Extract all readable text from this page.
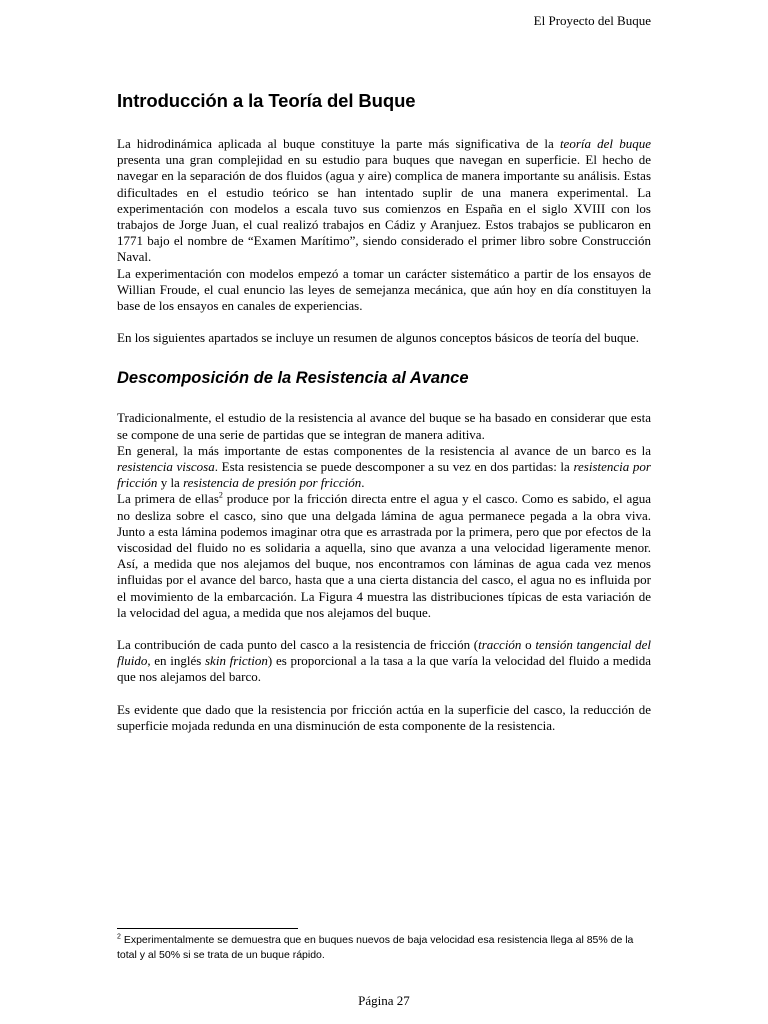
El Proyecto del Buque
Introducción a la Teoría del Buque

La hidrodinámica aplicada al buque constituye la parte más significativa de la teoría del buque presenta una gran complejidad en su estudio para buques que navegan en superficie. El hecho de navegar en la separación de dos fluidos (agua y aire) complica de manera importante su análisis. Estas dificultades en el estudio teórico se han intentado suplir de una manera experimental. La experimentación con modelos a escala tuvo sus comienzos en España en el siglo XVIII con los trabajos de Jorge Juan, el cual realizó trabajos en Cádiz y Aranjuez. Estos trabajos se publicaron en 1771 bajo el nombre de “Examen Marítimo”, siendo considerado el primer libro sobre Construcción Naval.

La experimentación con modelos empezó a tomar un carácter sistemático a partir de los ensayos de Willian Froude, el cual enuncio las leyes de semejanza mecánica, que aún hoy en día constituyen la base de los ensayos en canales de experiencias.

En los siguientes apartados se incluye un resumen de algunos conceptos básicos de teoría del buque.

Descomposición de la Resistencia al Avance

Tradicionalmente, el estudio de la resistencia al avance del buque se ha basado en considerar que esta se compone de una serie de partidas que se integran de manera aditiva.

En general, la más importante de estas componentes de la resistencia al avance de un barco es la resistencia viscosa. Esta resistencia se puede descomponer a su vez en dos partidas: la resistencia por fricción y la resistencia de presión por fricción.

La primera de ellas$^2$ produce por la fricción directa entre el agua y el casco. Como es sabido, el agua no desliza sobre el casco, sino que una delgada lámina de agua permanece pegada a la obra viva. Junto a esta lámina podemos imaginar otra que es arrastrada por la primera, pero que por efectos de la viscosidad del fluido no es solidaria a aquella, sino que avanza a una velocidad ligeramente menor. Así, a medida que nos alejamos del buque, nos encontramos con láminas de agua cada vez menos influidas por el avance del barco, hasta que a una cierta distancia del casco, el agua no es influida por el movimiento de la embarcación. La Figura 4 muestra las distribuciones típicas de esta variación de la velocidad del agua, a medida que nos alejamos del buque.

La contribución de cada punto del casco a la resistencia de fricción (tracción o tensión tangencial del fluido, en inglés skin friction) es proporcional a la tasa a la que varía la velocidad del fluido a medida que nos alejamos del barco.

Es evidente que dado que la resistencia por fricción actúa en la superficie del casco, la reducción de superficie mojada redunda en una disminución de esta componente de la resistencia.

$^2$ Experimentalmente se demuestra que en buques nuevos de baja velocidad esa resistencia llega al 85% de la total y al 50% si se trata de un buque rápido.
Página 27
